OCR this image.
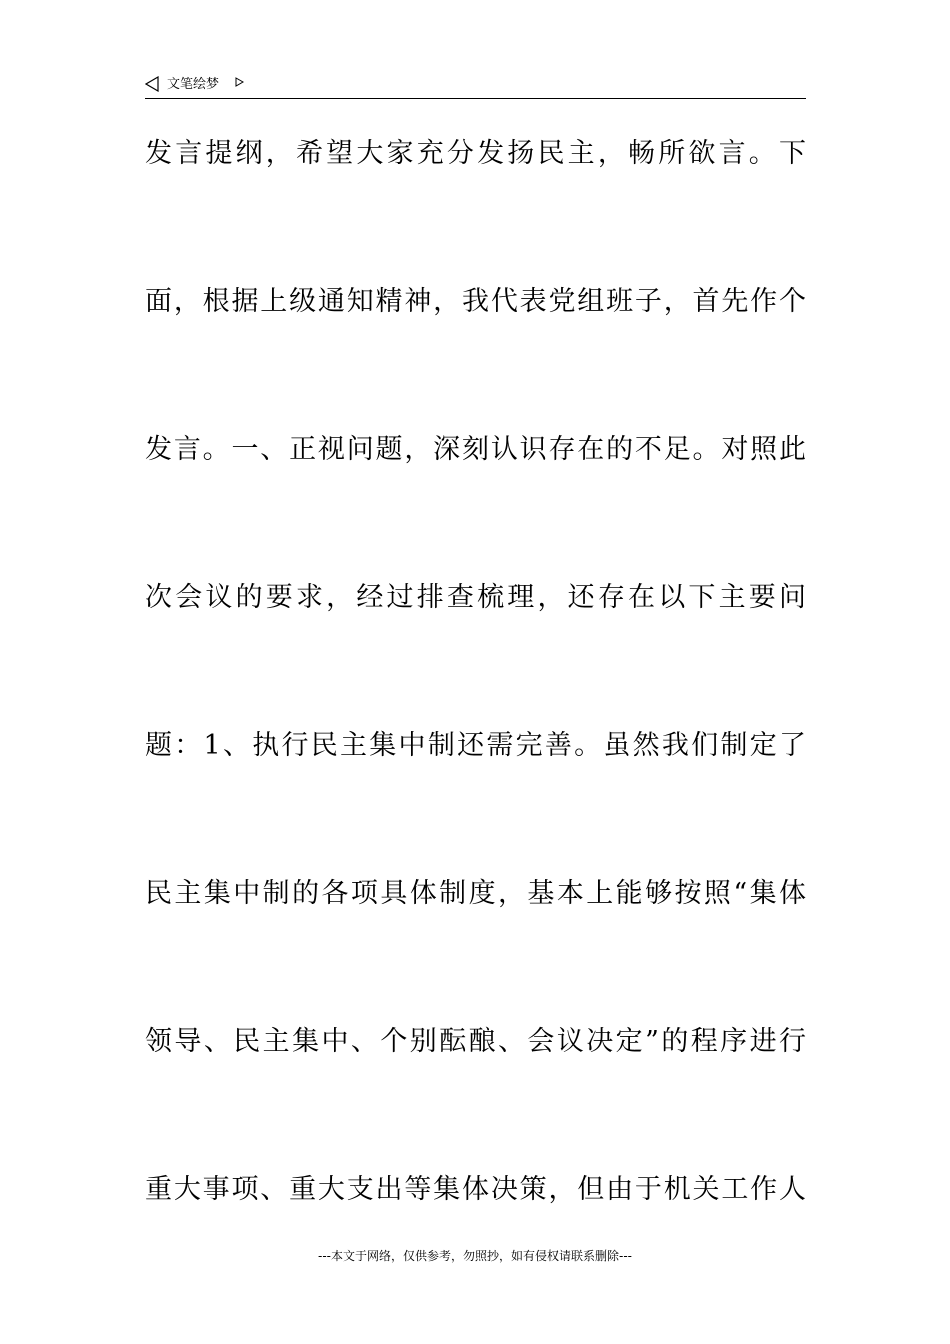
文笔绘梦
发言提纲，希望大家充分发扬民主，畅所欲言。下
面，根据上级通知精神，我代表党组班子，首先作个
发言。一、正视问题，深刻认识存在的不足。对照此
次会议的要求，经过排查梳理，还存在以下主要问
题：1、执行民主集中制还需完善。虽然我们制定了
民主集中制的各项具体制度，基本上能够按照“集体
领导、民主集中、个别酝酿、会议决定”的程序进行
重大事项、重大支出等集体决策，但由于机关工作人
---本文于网络，仅供参考，勿照抄，如有侵权请联系删除---
